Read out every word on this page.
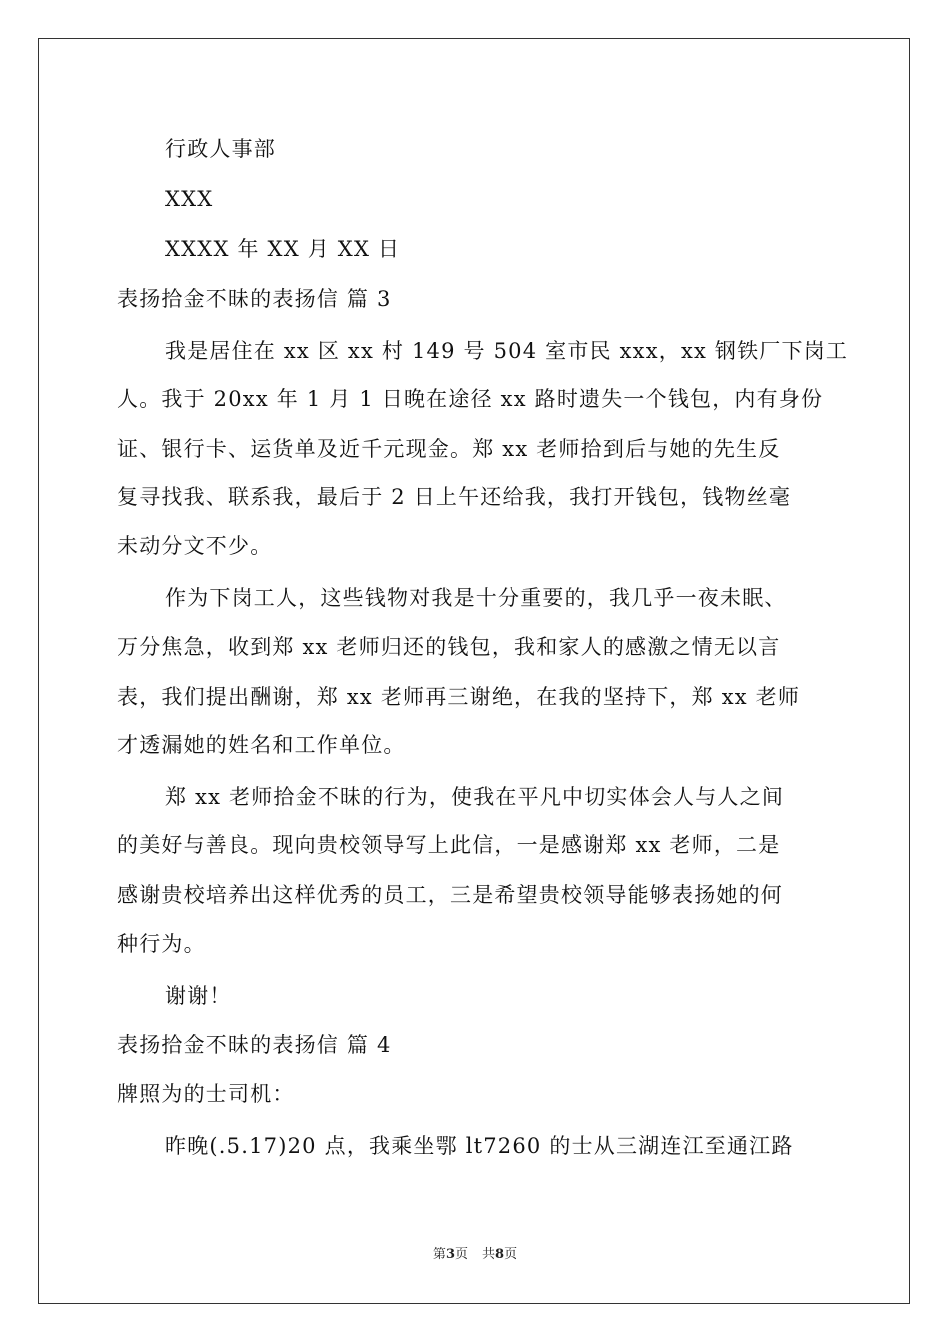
行政人事部
XXX
XXXX 年 XX 月 XX 日
表扬拾金不昧的表扬信 篇 3
我是居住在 xx 区 xx 村 149 号 504 室市民 xxx，xx 钢铁厂下岗工
人。我于 20xx 年 1 月 1 日晚在途径 xx 路时遗失一个钱包，内有身份
证、银行卡、运货单及近千元现金。郑 xx 老师拾到后与她的先生反
复寻找我、联系我，最后于 2 日上午还给我，我打开钱包，钱物丝毫
未动分文不少。
作为下岗工人，这些钱物对我是十分重要的，我几乎一夜未眠、
万分焦急，收到郑 xx 老师归还的钱包，我和家人的感激之情无以言
表，我们提出酬谢，郑 xx 老师再三谢绝，在我的坚持下，郑 xx 老师
才透漏她的姓名和工作单位。
郑 xx 老师拾金不昧的行为，使我在平凡中切实体会人与人之间
的美好与善良。现向贵校领导写上此信，一是感谢郑 xx 老师，二是
感谢贵校培养出这样优秀的员工，三是希望贵校领导能够表扬她的何
种行为。
谢谢！
表扬拾金不昧的表扬信 篇 4
牌照为的士司机：
昨晚(.5.17)20 点，我乘坐鄂 lt7260 的士从三湖连江至通江路
第3页 共8页
